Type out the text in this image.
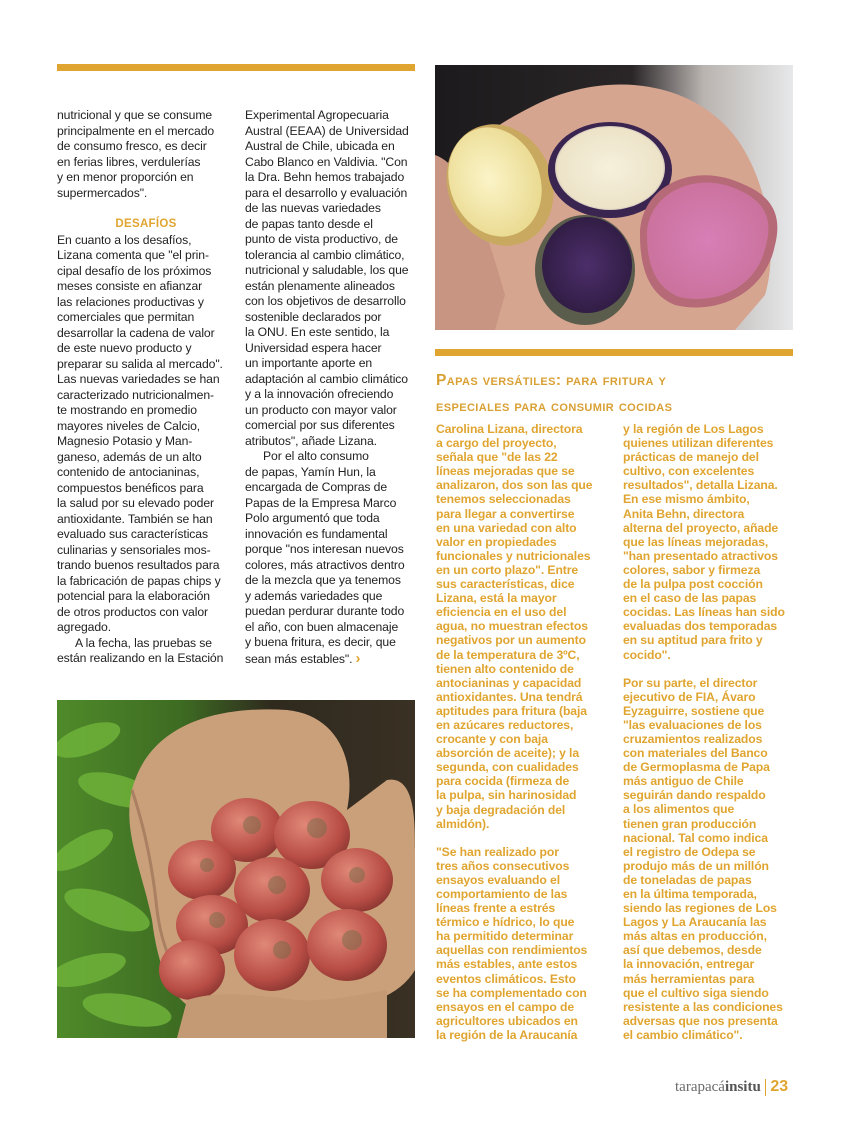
nutricional y que se consume
principalmente en el mercado
de consumo fresco, es decir
en ferias libres, verdulerías
y en menor proporción en
supermercados".
DESAFÍOS
En cuanto a los desafíos,
Lizana comenta que "el prin-
cipal desafío de los próximos
meses consiste en afianzar
las relaciones productivas y
comerciales que permitan
desarrollar la cadena de valor
de este nuevo producto y
preparar su salida al mercado".
Las nuevas variedades se han
caracterizado nutricionalmen-
te mostrando en promedio
mayores niveles de Calcio,
Magnesio Potasio y Man-
ganeso, además de un alto
contenido de antocianinas,
compuestos benéficos para
la salud por su elevado poder
antioxidante. También se han
evaluado sus características
culinarias y sensoriales mos-
trando buenos resultados para
la fabricación de papas chips y
potencial para la elaboración
de otros productos con valor
agregado.
A la fecha, las pruebas se
están realizando en la Estación
Experimental Agropecuaria
Austral (EEAA) de Universidad
Austral de Chile, ubicada en
Cabo Blanco en Valdivia. "Con
la Dra. Behn hemos trabajado
para el desarrollo y evaluación
de las nuevas variedades
de papas tanto desde el
punto de vista productivo, de
tolerancia al cambio climático,
nutricional y saludable, los que
están plenamente alineados
con los objetivos de desarrollo
sostenible declarados por
la ONU. En este sentido, la
Universidad espera hacer
un importante aporte en
adaptación al cambio climático
y a la innovación ofreciendo
un producto con mayor valor
comercial por sus diferentes
atributos", añade Lizana.
Por el alto consumo
de papas, Yamín Hun, la
encargada de Compras de
Papas de la Empresa Marco
Polo argumentó que toda
innovación es fundamental
porque "nos interesan nuevos
colores, más atractivos dentro
de la mezcla que ya tenemos
y además variedades que
puedan perdurar durante todo
el año, con buen almacenaje
y buena fritura, es decir, que
sean más estables". ›
Papas versátiles: para fritura y
especiales para consumir cocidas
Carolina Lizana, directora
a cargo del proyecto,
señala que "de las 22
líneas mejoradas que se
analizaron, dos son las que
tenemos seleccionadas
para llegar a convertirse
en una variedad con alto
valor en propiedades
funcionales y nutricionales
en un corto plazo". Entre
sus características, dice
Lizana, está la mayor
eficiencia en el uso del
agua, no muestran efectos
negativos por un aumento
de la temperatura de 3ºC,
tienen alto contenido de
antocianinas y capacidad
antioxidantes. Una tendrá
aptitudes para fritura (baja
en azúcares reductores,
crocante y con baja
absorción de aceite); y la
segunda, con cualidades
para cocida (firmeza de
la pulpa, sin harinosidad
y baja degradación del
almidón).
"Se han realizado por
tres años consecutivos
ensayos evaluando el
comportamiento de las
líneas frente a estrés
térmico e hídrico, lo que
ha permitido determinar
aquellas con rendimientos
más estables, ante estos
eventos climáticos. Esto
se ha complementado con
ensayos en el campo de
agricultores ubicados en
la región de la Araucanía
y la región de Los Lagos
quienes utilizan diferentes
prácticas de manejo del
cultivo, con excelentes
resultados", detalla Lizana.
En ese mismo ámbito,
Anita Behn, directora
alterna del proyecto, añade
que las líneas mejoradas,
"han presentado atractivos
colores, sabor y firmeza
de la pulpa post cocción
en el caso de las papas
cocidas. Las líneas han sido
evaluadas dos temporadas
en su aptitud para frito y
cocido".
Por su parte, el director
ejecutivo de FIA, Ávaro
Eyzaguirre, sostiene que
"las evaluaciones de los
cruzamientos realizados
con materiales del Banco
de Germoplasma de Papa
más antiguo de Chile
seguirán dando respaldo
a los alimentos que
tienen gran producción
nacional. Tal como indica
el registro de Odepa se
produjo más de un millón
de toneladas de papas
en la última temporada,
siendo las regiones de Los
Lagos y La Araucanía las
más altas en producción,
así que debemos, desde
la innovación, entregar
más herramientas para
que el cultivo siga siendo
resistente a las condiciones
adversas que nos presenta
el cambio climático".
tarapacáinsitu 23
